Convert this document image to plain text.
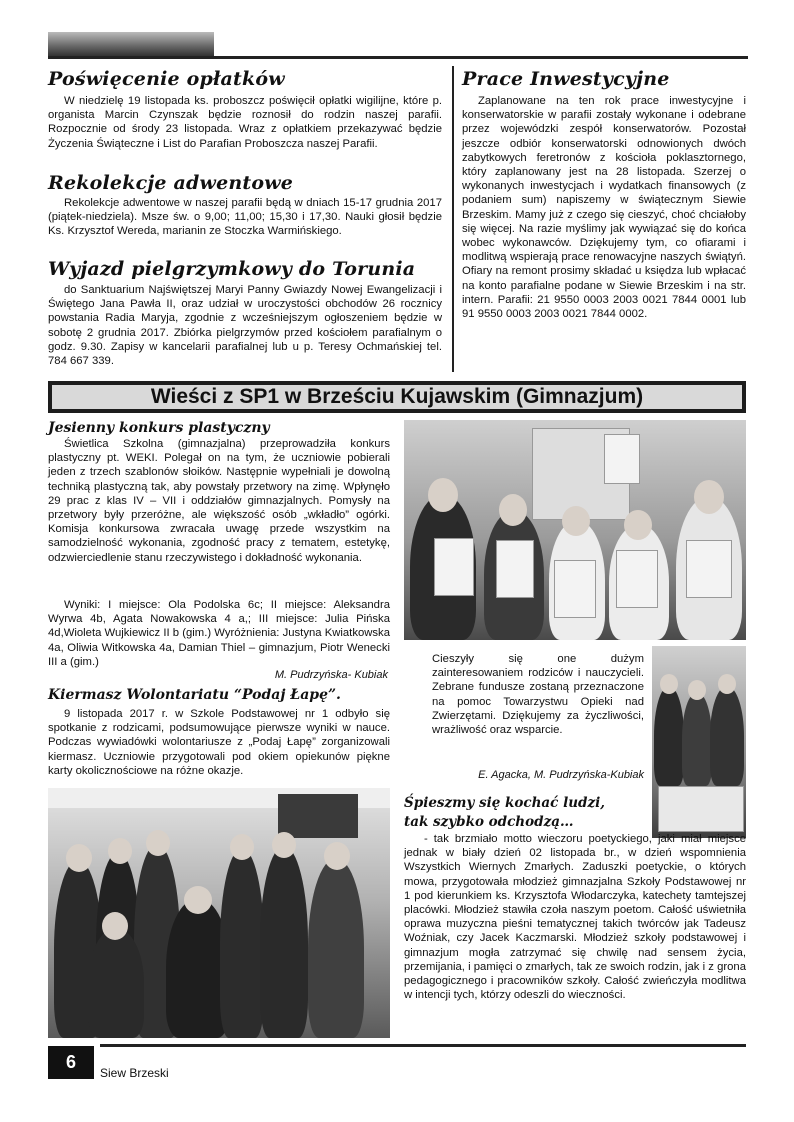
Poświęcenie opłatków

W niedzielę 19 listopada ks. proboszcz poświęcił opłatki wigilijne, które p. organista Marcin Czynszak będzie roznosił do rodzin naszej parafii. Rozpocznie od środy 23 listopada. Wraz z opłatkiem przekazywać będzie Życzenia Świąteczne i List do Parafian Proboszcza naszej Parafii.

Rekolekcje adwentowe

Rekolekcje adwentowe w naszej parafii będą w dniach 15-17 grudnia 2017 (piątek-niedziela). Msze św. o 9,00; 11,00; 15,30 i 17,30. Nauki głosił będzie Ks. Krzysztof Wereda, marianin ze Stoczka Warmińskiego.

Wyjazd pielgrzymkowy do Torunia

do Sanktuarium Najświętszej Maryi Panny Gwiazdy Nowej Ewangelizacji i Świętego Jana Pawła II, oraz udział w uroczystości obchodów 26 rocznicy powstania Radia Maryja, zgodnie z wcześniejszym ogłoszeniem będzie w sobotę 2 grudnia 2017. Zbiórka pielgrzymów przed kościołem parafialnym o godz. 9.30. Zapisy w kancelarii parafialnej lub u p. Teresy Ochmańskiej tel. 784 667 339.

Prace Inwestycyjne

Zaplanowane na ten rok prace inwestycyjne i konserwatorskie w parafii zostały wykonane i odebrane przez wojewódzki zespół konserwatorów. Pozostał jeszcze odbiór konserwatorski odnowionych dwóch zabytkowych feretronów z kościoła poklasztornego, który zaplanowany jest na 28 listopada. Szerzej o wykonanych inwestycjach i wydatkach finansowych (z podaniem sum) napiszemy w świątecznym Siewie Brzeskim. Mamy już z czego się cieszyć, choć chciałoby się więcej. Na razie myślimy jak wywiązać się do końca wobec wykonawców. Dziękujemy tym, co ofiarami i modlitwą wspierają prace renowacyjne naszych świątyń. Ofiary na remont prosimy składać u księdza lub wpłacać na konto parafialne podane w Siewie Brzeskim i na str. intern. Parafii: 21 9550 0003 2003 0021 7844 0001 lub 91 9550 0003 2003 0021 7844 0002.

Wieści z SP1 w Brześciu Kujawskim (Gimnazjum)
Jesienny konkurs plastyczny

Świetlica Szkolna (gimnazjalna) przeprowadziła konkurs plastyczny pt. WEKI. Polegał on na tym, że uczniowie pobierali jeden z trzech szablonów słoików. Następnie wypełniali je dowolną techniką plastyczną tak, aby powstały przetwory na zimę. Wpłynęło 29 prac z klas IV – VII i oddziałów gimnazjalnych. Pomysły na przetwory były przeróżne, ale większość osób „wkładło” ogórki. Komisja konkursowa zwracała uwagę przede wszystkim na samodzielność wykonania, zgodność pracy z tematem, estetykę, odzwierciedlenie stanu rzeczywistego i dokładność wykonania.

Wyniki: I miejsce: Ola Podolska 6c; II miejsce: Aleksandra Wyrwa 4b, Agata Nowakowska 4 a,; III miejsce: Julia Pińska 4d,Wioleta Wujkiewicz II b (gim.) Wyróżnienia: Justyna Kwiatkowska 4a, Oliwia Witkowska 4a, Damian Thiel – gimnazjum, Piotr Wenecki III a (gim.)

M. Pudrzyńska- Kubiak
Kiermasz Wolontariatu “Podaj Łapę”.

9 listopada 2017 r. w Szkole Podstawowej nr 1 odbyło się spotkanie z rodzicami, podsumowujące pierwsze wyniki w nauce. Podczas wywiadówki wolontariusze z „Podaj Łapę” zorganizowali kiermasz. Uczniowie przygotowali pod okiem opiekunów piękne karty okolicznościowe na różne okazje.

Cieszyły się one dużym zainteresowaniem rodziców i nauczycieli. Zebrane fundusze zostaną przeznaczone na pomoc Towarzystwu Opieki nad Zwierzętami. Dziękujemy za życzliwości, wrażliwość oraz wsparcie.

E. Agacka, M. Pudrzyńska-Kubiak
Śpieszmy się kochać ludzi,
tak szybko odchodzą…

- tak brzmiało motto wieczoru poetyckiego, jaki miał miejsce jednak w biały dzień 02 listopada br., w dzień wspomnienia Wszystkich Wiernych Zmarłych. Zaduszki poetyckie, o których mowa, przygotowała młodzież gimnazjalna Szkoły Podstawowej nr 1 pod kierunkiem ks. Krzysztofa Włodarczyka, katechety tamtejszej placówki. Młodzież stawiła czoła naszym poetom. Całość uświetniła oprawa muzyczna pieśni tematycznej takich twórców jak Tadeusz Woźniak, czy Jacek Kaczmarski. Młodzież szkoły podstawowej i gimnazjum mogła zatrzymać się chwilę nad sensem życia, przemijania, i pamięci o zmarłych, tak ze swoich rodzin, jak i z grona pedagogicznego i pracowników szkoły. Całość zwieńczyła modlitwa w intencji tych, którzy odeszli do wieczności.

6
Siew Brzeski
